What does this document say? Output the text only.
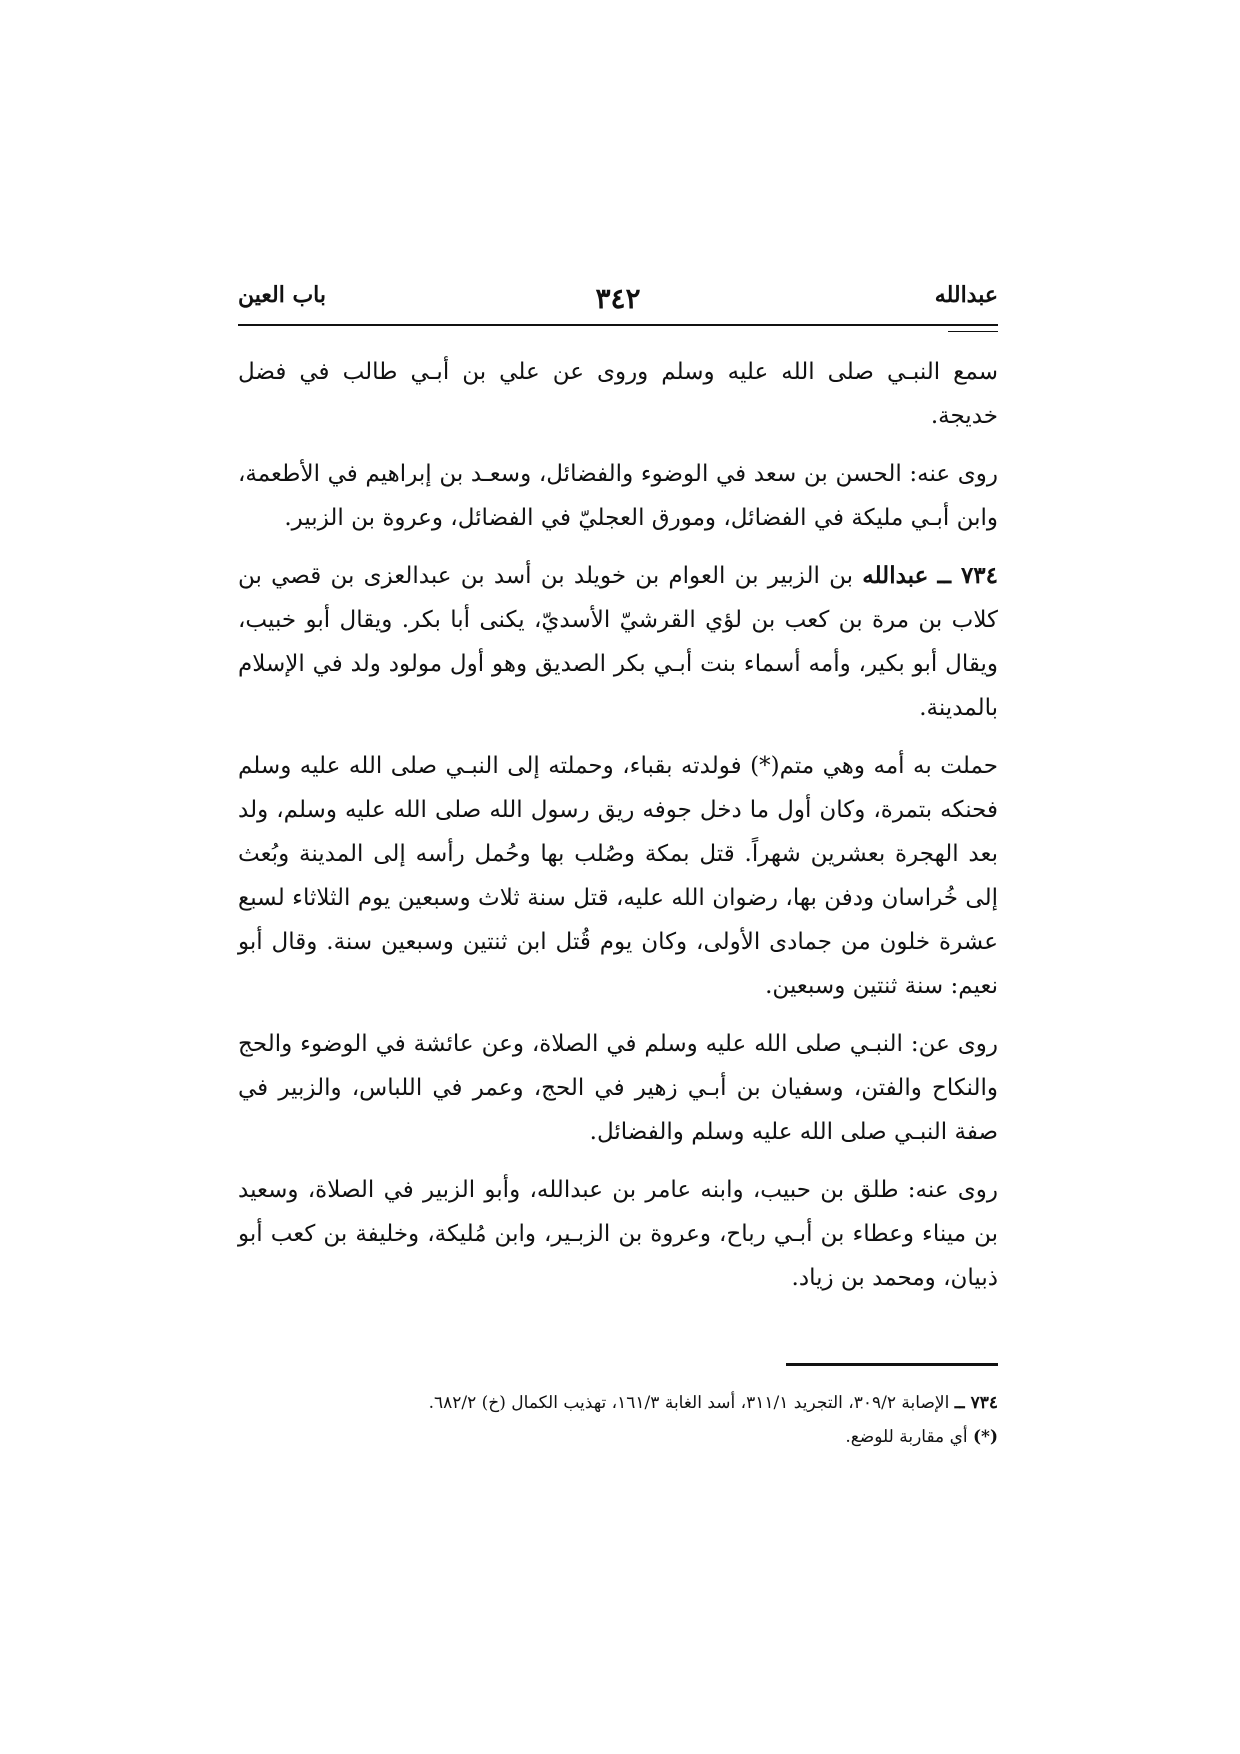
عبدالله
٣٤٢
باب العين

سمع النبـي صلى الله عليه وسلم وروى عن علي بن أبـي طالب في فضل خديجة.

روى عنه: الحسن بن سعد في الوضوء والفضائل، وسعـد بن إبراهيم في الأطعمة، وابن أبـي مليكة في الفضائل، ومورق العجليّ في الفضائل، وعروة بن الزبير.

٧٣٤ ــ عبدالله بن الزبير بن العوام بن خويلد بن أسد بن عبدالعزى بن قصي بن كلاب بن مرة بن كعب بن لؤي القرشيّ الأسديّ، يكنى أبا بكر. ويقال أبو خبيب، ويقال أبو بكير، وأمه أسماء بنت أبـي بكر الصديق وهو أول مولود ولد في الإسلام بالمدينة.

حملت به أمه وهي متم(*) فولدته بقباء، وحملته إلى النبـي صلى الله عليه وسلم فحنكه بتمرة، وكان أول ما دخل جوفه ريق رسول الله صلى الله عليه وسلم، ولد بعد الهجرة بعشرين شهراً. قتل بمكة وصُلب بها وحُمل رأسه إلى المدينة وبُعث إلى خُراسان ودفن بها، رضوان الله عليه، قتل سنة ثلاث وسبعين يوم الثلاثاء لسبع عشرة خلون من جمادى الأولى، وكان يوم قُتل ابن ثنتين وسبعين سنة. وقال أبو نعيم: سنة ثنتين وسبعين.

روى عن: النبـي صلى الله عليه وسلم في الصلاة، وعن عائشة في الوضوء والحج والنكاح والفتن، وسفيان بن أبـي زهير في الحج، وعمر في اللباس، والزبير في صفة النبـي صلى الله عليه وسلم والفضائل.

روى عنه: طلق بن حبيب، وابنه عامر بن عبدالله، وأبو الزبير في الصلاة، وسعيد بن ميناء وعطاء بن أبـي رباح، وعروة بن الزبـير، وابن مُليكة، وخليفة بن كعب أبو ذبيان، ومحمد بن زياد.

٧٣٤ ــ الإصابة ٣٠٩/٢، التجريد ٣١١/١، أسد الغابة ١٦١/٣، تهذيب الكمال (خ) ٦٨٢/٢.

(*) أي مقاربة للوضع.
